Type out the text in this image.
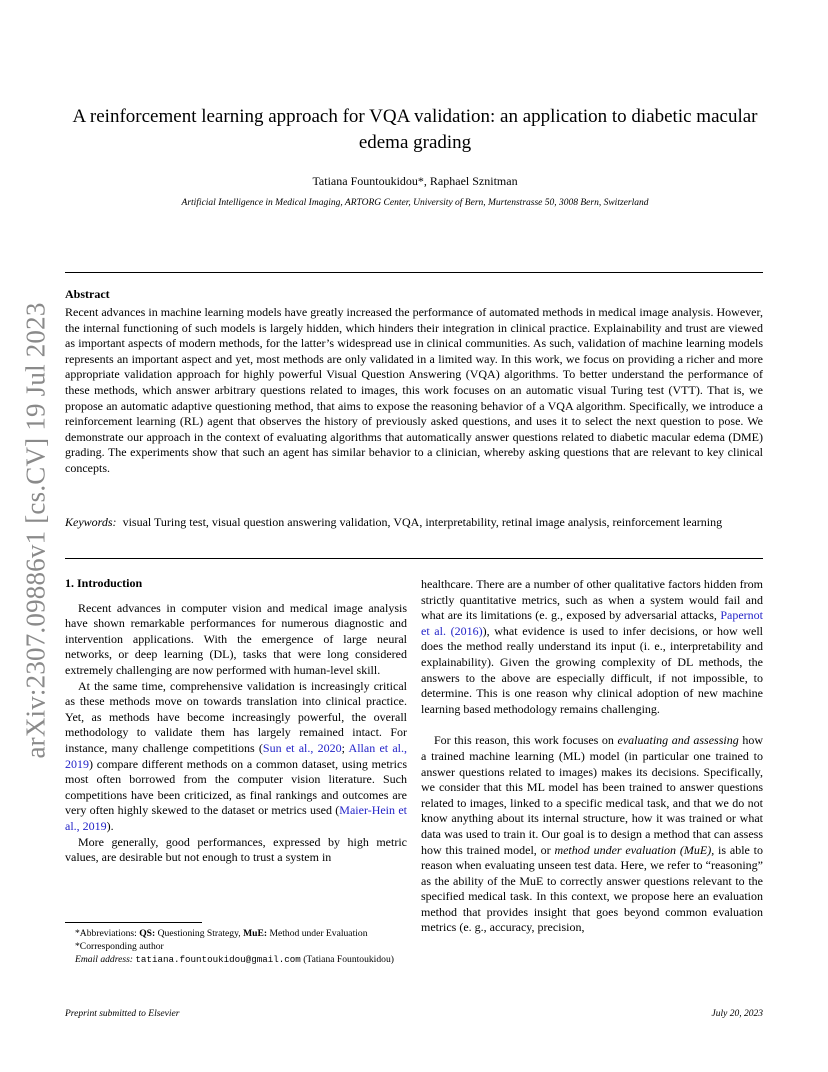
arXiv:2307.09886v1 [cs.CV] 19 Jul 2023
A reinforcement learning approach for VQA validation: an application to diabetic macular edema grading
Tatiana Fountoukidou*, Raphael Sznitman
Artificial Intelligence in Medical Imaging, ARTORG Center, University of Bern, Murtenstrasse 50, 3008 Bern, Switzerland
Abstract
Recent advances in machine learning models have greatly increased the performance of automated methods in medical image analysis. However, the internal functioning of such models is largely hidden, which hinders their integration in clinical practice. Explainability and trust are viewed as important aspects of modern methods, for the latter’s widespread use in clinical communities. As such, validation of machine learning models represents an important aspect and yet, most methods are only validated in a limited way. In this work, we focus on providing a richer and more appropriate validation approach for highly powerful Visual Question Answering (VQA) algorithms. To better understand the performance of these methods, which answer arbitrary questions related to images, this work focuses on an automatic visual Turing test (VTT). That is, we propose an automatic adaptive questioning method, that aims to expose the reasoning behavior of a VQA algorithm. Specifically, we introduce a reinforcement learning (RL) agent that observes the history of previously asked questions, and uses it to select the next question to pose. We demonstrate our approach in the context of evaluating algorithms that automatically answer questions related to diabetic macular edema (DME) grading. The experiments show that such an agent has similar behavior to a clinician, whereby asking questions that are relevant to key clinical concepts.
Keywords: visual Turing test, visual question answering validation, VQA, interpretability, retinal image analysis, reinforcement learning
1. Introduction

Recent advances in computer vision and medical image analysis have shown remarkable performances for numerous diagnostic and intervention applications. With the emergence of large neural networks, or deep learning (DL), tasks that were long considered extremely challenging are now performed with human-level skill.

At the same time, comprehensive validation is increasingly critical as these methods move on towards translation into clinical practice. Yet, as methods have become increasingly powerful, the overall methodology to validate them has largely remained intact. For instance, many challenge competitions (Sun et al., 2020; Allan et al., 2019) compare different methods on a common dataset, using metrics most often borrowed from the computer vision literature. Such competitions have been criticized, as final rankings and outcomes are very often highly skewed to the dataset or metrics used (Maier-Hein et al., 2019).

More generally, good performances, expressed by high metric values, are desirable but not enough to trust a system in

healthcare. There are a number of other qualitative factors hidden from strictly quantitative metrics, such as when a system would fail and what are its limitations (e. g., exposed by adversarial attacks, Papernot et al. (2016)), what evidence is used to infer decisions, or how well does the method really understand its input (i. e., interpretability and explainability). Given the growing complexity of DL methods, the answers to the above are especially difficult, if not impossible, to determine. This is one reason why clinical adoption of new machine learning based methodology remains challenging.

For this reason, this work focuses on evaluating and assessing how a trained machine learning (ML) model (in particular one trained to answer questions related to images) makes its decisions. Specifically, we consider that this ML model has been trained to answer questions related to images, linked to a specific medical task, and that we do not know anything about its internal structure, how it was trained or what data was used to train it. Our goal is to design a method that can assess how this trained model, or method under evaluation (MuE), is able to reason when evaluating unseen test data. Here, we refer to “reasoning” as the ability of the MuE to correctly answer questions relevant to the specified medical task. In this context, we propose here an evaluation method that provides insight that goes beyond common evaluation metrics (e. g., accuracy, precision,

*Abbreviations: QS: Questioning Strategy, MuE: Method under Evaluation
*Corresponding author
Email address: tatiana.fountoukidou@gmail.com (Tatiana Fountoukidou)
Preprint submitted to Elsevier	July 20, 2023
